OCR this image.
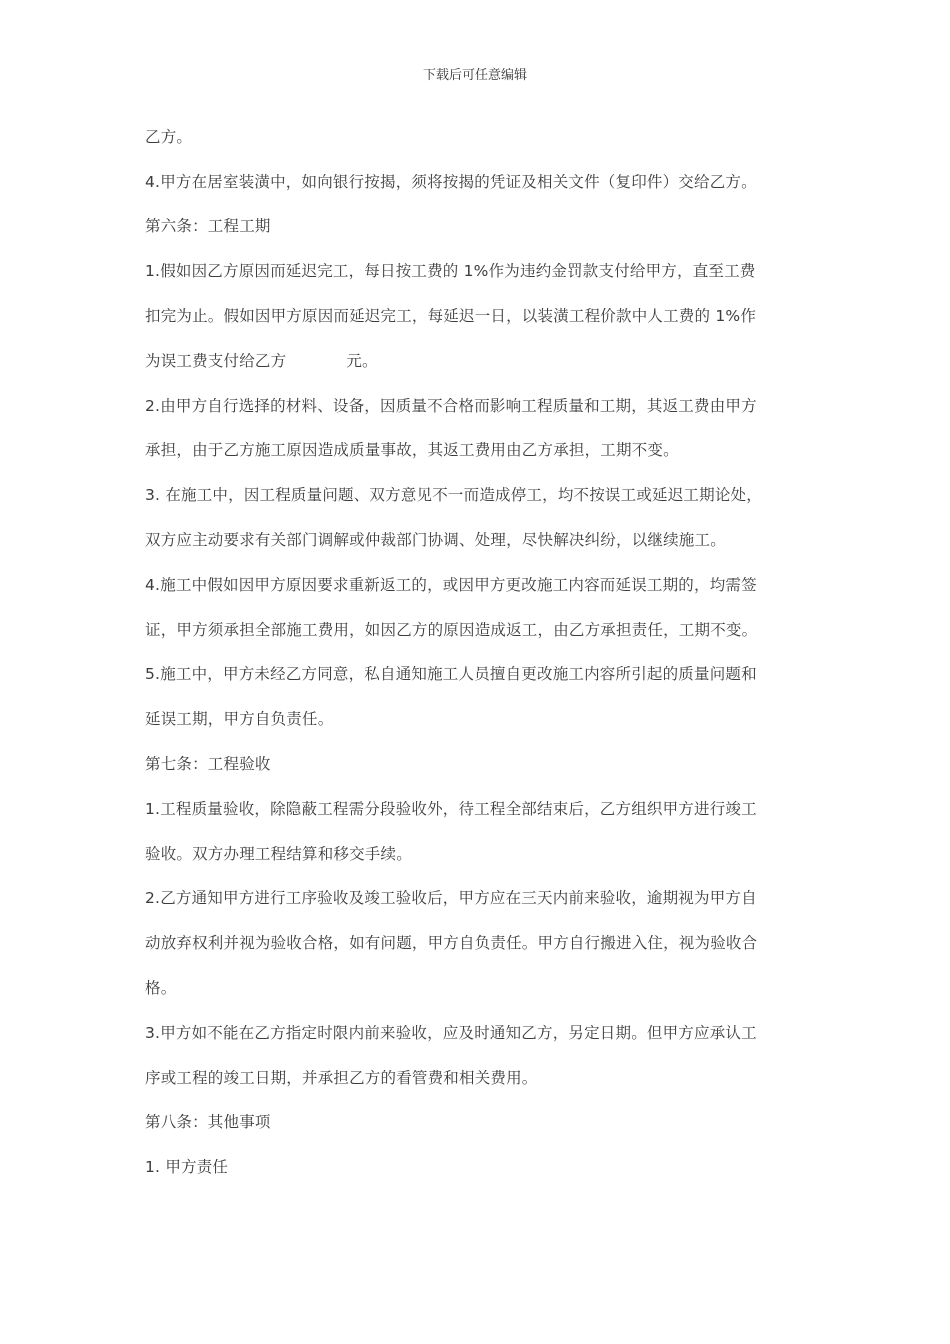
下载后可任意编辑
乙方。
4.甲方在居室装潢中，如向银行按揭，须将按揭的凭证及相关文件（复印件）交给乙方。
第六条：工程工期
1.假如因乙方原因而延迟完工，每日按工费的 1%作为违约金罚款支付给甲方，直至工费
扣完为止。假如因甲方原因而延迟完工，每延迟一日，以装潢工程价款中人工费的 1%作
为误工费支付给乙方	元。
2.由甲方自行选择的材料、设备，因质量不合格而影响工程质量和工期，其返工费由甲方
承担，由于乙方施工原因造成质量事故，其返工费用由乙方承担，工期不变。
3. 在施工中，因工程质量问题、双方意见不一而造成停工，均不按误工或延迟工期论处，
双方应主动要求有关部门调解或仲裁部门协调、处理，尽快解决纠纷，以继续施工。
4.施工中假如因甲方原因要求重新返工的，或因甲方更改施工内容而延误工期的，均需签
证，甲方须承担全部施工费用，如因乙方的原因造成返工，由乙方承担责任，工期不变。
5.施工中，甲方未经乙方同意，私自通知施工人员擅自更改施工内容所引起的质量问题和
延误工期，甲方自负责任。
第七条：工程验收
1.工程质量验收，除隐蔽工程需分段验收外，待工程全部结束后，乙方组织甲方进行竣工
验收。双方办理工程结算和移交手续。
2.乙方通知甲方进行工序验收及竣工验收后，甲方应在三天内前来验收，逾期视为甲方自
动放弃权利并视为验收合格，如有问题，甲方自负责任。甲方自行搬进入住，视为验收合
格。
3.甲方如不能在乙方指定时限内前来验收，应及时通知乙方，另定日期。但甲方应承认工
序或工程的竣工日期，并承担乙方的看管费和相关费用。
第八条：其他事项
1. 甲方责任
